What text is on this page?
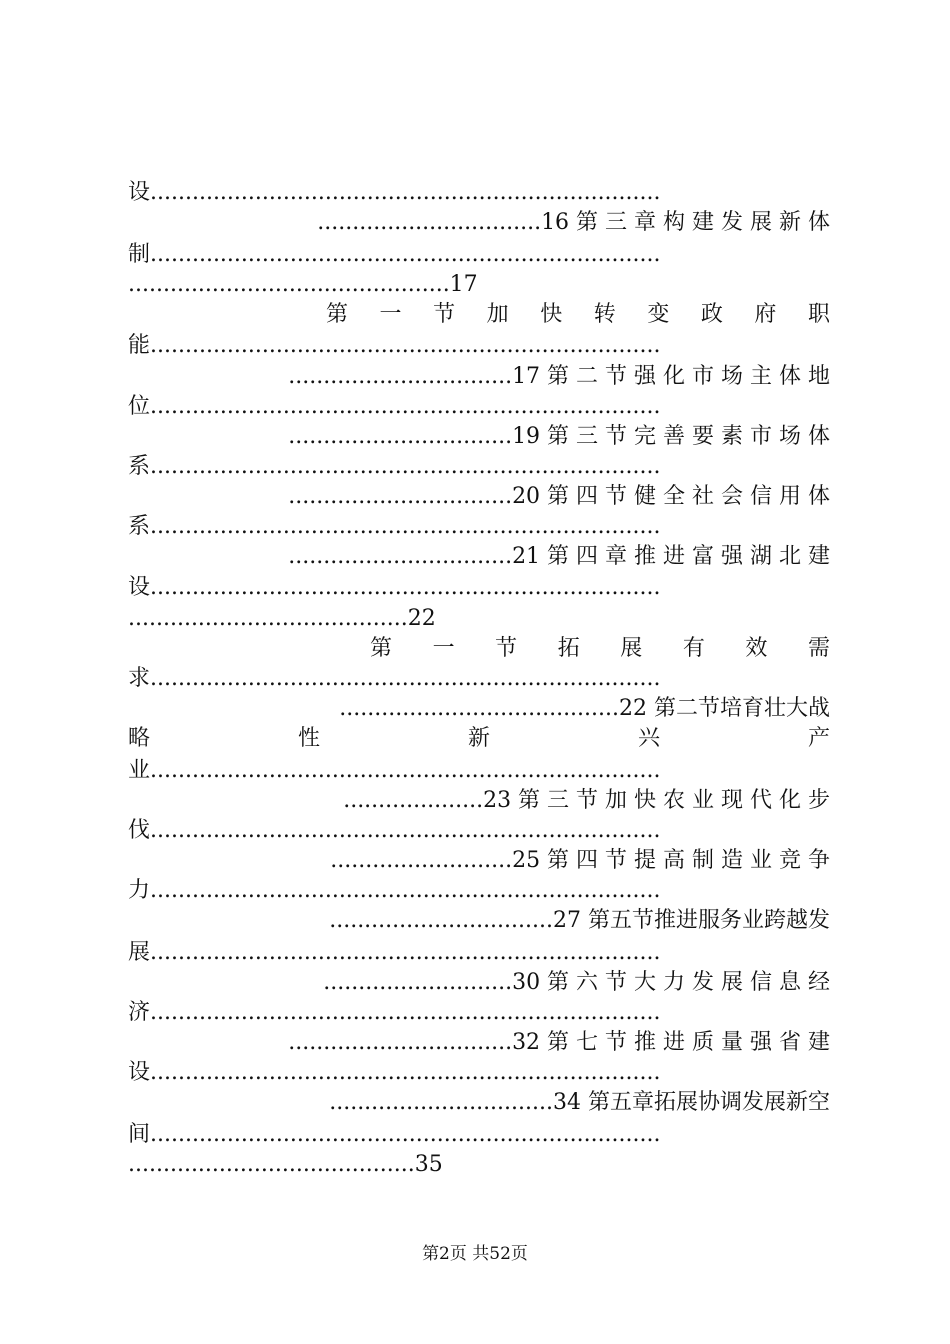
设.........................................................................
................................16 第 三 章 构 建 发 展 新 体
制.........................................................................
..............................................17
第 一 节 加 快 转 变 政 府 职
能.........................................................................
................................17 第 二 节 强 化 市 场 主 体 地
位.........................................................................
................................19 第 三 节 完 善 要 素 市 场 体
系.........................................................................
................................20 第 四 节 健 全 社 会 信 用 体
系.........................................................................
................................21 第 四 章 推 进 富 强 湖 北 建
设.........................................................................
........................................22
第 一 节 拓 展 有 效 需
求.........................................................................
........................................22 第二节培育壮大战
略 性 新 兴 产
业.........................................................................
....................23 第 三 节 加 快 农 业 现 代 化 步
伐.........................................................................
..........................25 第 四 节 提 高 制 造 业 竞 争
力.........................................................................
................................27 第五节推进服务业跨越发
展.........................................................................
...........................30 第 六 节 大 力 发 展 信 息 经
济.........................................................................
................................32 第 七 节 推 进 质 量 强 省 建
设.........................................................................
................................34 第五章拓展协调发展新空
间.........................................................................
.........................................35
第2页 共52页
